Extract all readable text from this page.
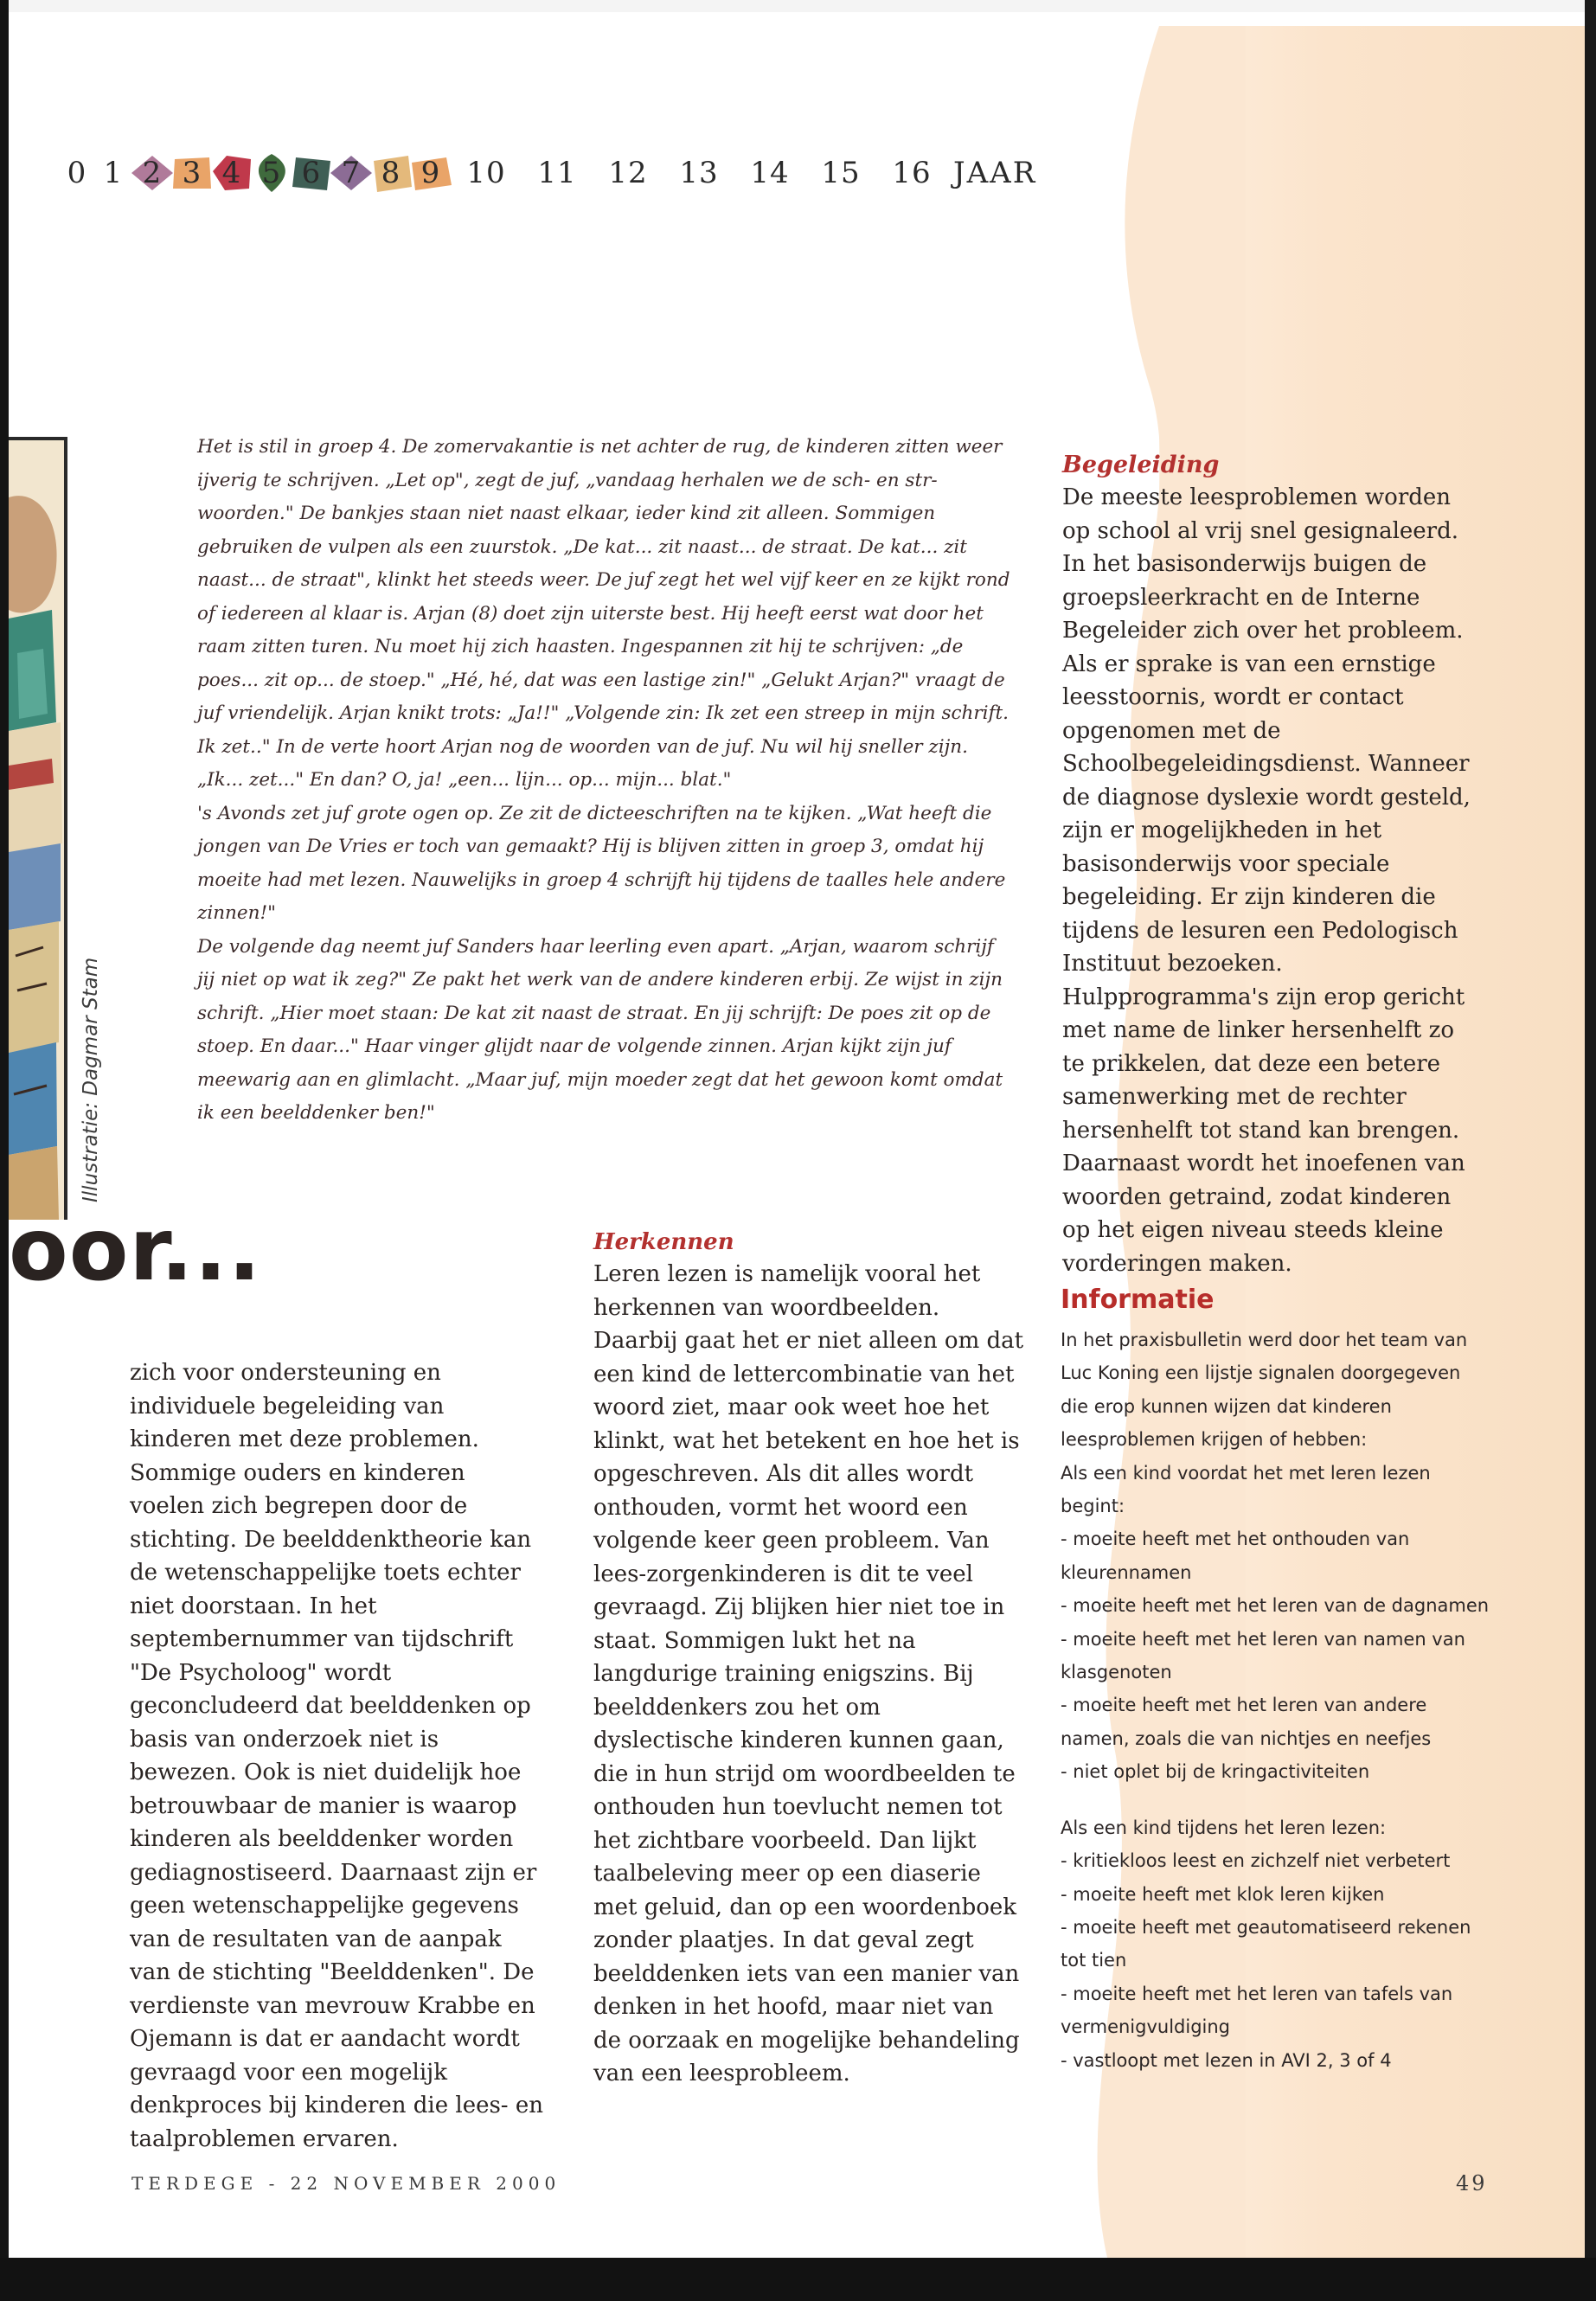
0 1 2 3 4 5 6 7 8 9 10 11 12 13 14 15 16 JAAR
Illustratie: Dagmar Stam

Het is stil in groep 4. De zomervakantie is net achter de rug, de kinderen zitten weer ijverig te schrijven. „Let op", zegt de juf, „vandaag herhalen we de sch- en str-woorden." De bankjes staan niet naast elkaar, ieder kind zit alleen. Sommigen gebruiken de vulpen als een zuurstok. „De kat... zit naast... de straat. De kat... zit naast... de straat", klinkt het steeds weer. De juf zegt het wel vijf keer en ze kijkt rond of iedereen al klaar is. Arjan (8) doet zijn uiterste best. Hij heeft eerst wat door het raam zitten turen. Nu moet hij zich haasten. Ingespannen zit hij te schrijven: „de poes... zit op... de stoep." „Hé, hé, dat was een lastige zin!" „Gelukt Arjan?" vraagt de juf vriendelijk. Arjan knikt trots: „Ja!!" „Volgende zin: Ik zet een streep in mijn schrift. Ik zet.." In de verte hoort Arjan nog de woorden van de juf. Nu wil hij sneller zijn. „Ik... zet..." En dan? O, ja! „een... lijn... op... mijn... blat."

's Avonds zet juf grote ogen op. Ze zit de dicteeschriften na te kijken. „Wat heeft die jongen van De Vries er toch van gemaakt? Hij is blijven zitten in groep 3, omdat hij moeite had met lezen. Nauwelijks in groep 4 schrijft hij tijdens de taalles hele andere zinnen!"

De volgende dag neemt juf Sanders haar leerling even apart. „Arjan, waarom schrijf jij niet op wat ik zeg?" Ze pakt het werk van de andere kinderen erbij. Ze wijst in zijn schrift. „Hier moet staan: De kat zit naast de straat. En jij schrijft: De poes zit op de stoep. En daar..." Haar vinger glijdt naar de volgende zinnen. Arjan kijkt zijn juf meewarig aan en glimlacht. „Maar juf, mijn moeder zegt dat het gewoon komt omdat ik een beelddenker ben!"

oor...

zich voor ondersteuning en individuele begeleiding van kinderen met deze problemen. Sommige ouders en kinderen voelen zich begrepen door de stichting. De beelddenktheorie kan de wetenschappelijke toets echter niet doorstaan. In het septembernummer van tijdschrift "De Psycholoog" wordt geconcludeerd dat beelddenken op basis van onderzoek niet is bewezen. Ook is niet duidelijk hoe betrouwbaar de manier is waarop kinderen als beelddenker worden gediagnostiseerd. Daarnaast zijn er geen wetenschappelijke gegevens van de resultaten van de aanpak van de stichting "Beelddenken". De verdienste van mevrouw Krabbe en Ojemann is dat er aandacht wordt gevraagd voor een mogelijk denkproces bij kinderen die lees- en taalproblemen ervaren.

Herkennen

Leren lezen is namelijk vooral het herkennen van woordbeelden. Daarbij gaat het er niet alleen om dat een kind de lettercombinatie van het woord ziet, maar ook weet hoe het klinkt, wat het betekent en hoe het is opgeschreven. Als dit alles wordt onthouden, vormt het woord een volgende keer geen probleem. Van lees-zorgenkinderen is dit te veel gevraagd. Zij blijken hier niet toe in staat. Sommigen lukt het na langdurige training enigszins. Bij beelddenkers zou het om dyslectische kinderen kunnen gaan, die in hun strijd om woordbeelden te onthouden hun toevlucht nemen tot het zichtbare voorbeeld. Dan lijkt taalbeleving meer op een diaserie met geluid, dan op een woordenboek zonder plaatjes. In dat geval zegt beelddenken iets van een manier van denken in het hoofd, maar niet van de oorzaak en mogelijke behandeling van een leesprobleem.

Begeleiding

De meeste leesproblemen worden op school al vrij snel gesignaleerd. In het basisonderwijs buigen de groepsleerkracht en de Interne Begeleider zich over het probleem. Als er sprake is van een ernstige leesstoornis, wordt er contact opgenomen met de Schoolbegeleidingsdienst. Wanneer de diagnose dyslexie wordt gesteld, zijn er mogelijkheden in het basisonderwijs voor speciale begeleiding. Er zijn kinderen die tijdens de lesuren een Pedologisch Instituut bezoeken. Hulpprogramma's zijn erop gericht met name de linker hersenhelft zo te prikkelen, dat deze een betere samenwerking met de rechter hersenhelft tot stand kan brengen. Daarnaast wordt het inoefenen van woorden getraind, zodat kinderen op het eigen niveau steeds kleine vorderingen maken.

Informatie

In het praxisbulletin werd door het team van Luc Koning een lijstje signalen doorgegeven die erop kunnen wijzen dat kinderen leesproblemen krijgen of hebben:

Als een kind voordat het met leren lezen begint:

- moeite heeft met het onthouden van kleurennamen

- moeite heeft met het leren van de dagnamen

- moeite heeft met het leren van namen van klasgenoten

- moeite heeft met het leren van andere namen, zoals die van nichtjes en neefjes

- niet oplet bij de kringactiviteiten

Als een kind tijdens het leren lezen:

- kritiekloos leest en zichzelf niet verbetert

- moeite heeft met klok leren kijken

- moeite heeft met geautomatiseerd rekenen tot tien

- moeite heeft met het leren van tafels van vermenigvuldiging

- vastloopt met lezen in AVI 2, 3 of 4

TERDEGE - 22 NOVEMBER 2000	49
